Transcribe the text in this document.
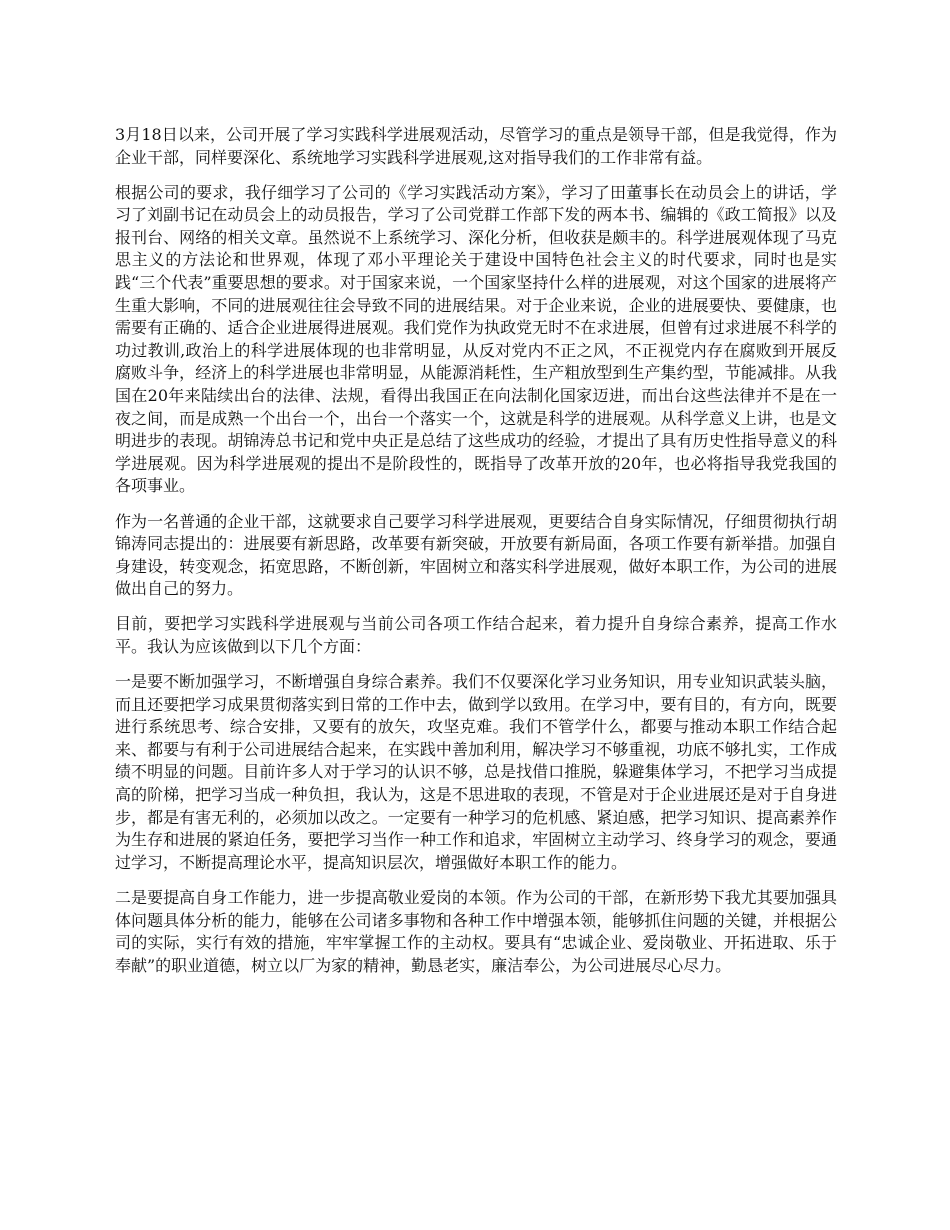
3月18日以来，公司开展了学习实践科学进展观活动，尽管学习的重点是领导干部，但是我觉得，作为企业干部，同样要深化、系统地学习实践科学进展观,这对指导我们的工作非常有益。

根据公司的要求，我仔细学习了公司的《学习实践活动方案》，学习了田董事长在动员会上的讲话，学习了刘副书记在动员会上的动员报告，学习了公司党群工作部下发的两本书、编辑的《政工简报》以及报刊台、网络的相关文章。虽然说不上系统学习、深化分析，但收获是颇丰的。科学进展观体现了马克思主义的方法论和世界观，体现了邓小平理论关于建设中国特色社会主义的时代要求，同时也是实践“三个代表”重要思想的要求。对于国家来说，一个国家坚持什么样的进展观，对这个国家的进展将产生重大影响，不同的进展观往往会导致不同的进展结果。对于企业来说，企业的进展要快、要健康，也需要有正确的、适合企业进展得进展观。我们党作为执政党无时不在求进展，但曾有过求进展不科学的功过教训,政治上的科学进展体现的也非常明显，从反对党内不正之风，不正视党内存在腐败到开展反腐败斗争，经济上的科学进展也非常明显，从能源消耗性，生产粗放型到生产集约型，节能减排。从我国在20年来陆续出台的法律、法规，看得出我国正在向法制化国家迈进，而出台这些法律并不是在一夜之间，而是成熟一个出台一个，出台一个落实一个，这就是科学的进展观。从科学意义上讲，也是文明进步的表现。胡锦涛总书记和党中央正是总结了这些成功的经验，才提出了具有历史性指导意义的科学进展观。因为科学进展观的提出不是阶段性的，既指导了改革开放的20年，也必将指导我党我国的各项事业。

作为一名普通的企业干部，这就要求自己要学习科学进展观，更要结合自身实际情况，仔细贯彻执行胡锦涛同志提出的：进展要有新思路，改革要有新突破，开放要有新局面，各项工作要有新举措。加强自身建设，转变观念，拓宽思路，不断创新，牢固树立和落实科学进展观，做好本职工作，为公司的进展做出自己的努力。

目前，要把学习实践科学进展观与当前公司各项工作结合起来，着力提升自身综合素养，提高工作水平。我认为应该做到以下几个方面：

一是要不断加强学习，不断增强自身综合素养。我们不仅要深化学习业务知识，用专业知识武装头脑，而且还要把学习成果贯彻落实到日常的工作中去，做到学以致用。在学习中，要有目的，有方向，既要进行系统思考、综合安排，又要有的放矢，攻坚克难。我们不管学什么，都要与推动本职工作结合起来、都要与有利于公司进展结合起来，在实践中善加利用，解决学习不够重视，功底不够扎实，工作成绩不明显的问题。目前许多人对于学习的认识不够，总是找借口推脱，躲避集体学习，不把学习当成提高的阶梯，把学习当成一种负担，我认为，这是不思进取的表现，不管是对于企业进展还是对于自身进步，都是有害无利的，必须加以改之。一定要有一种学习的危机感、紧迫感，把学习知识、提高素养作为生存和进展的紧迫任务，要把学习当作一种工作和追求，牢固树立主动学习、终身学习的观念，要通过学习，不断提高理论水平，提高知识层次，增强做好本职工作的能力。

二是要提高自身工作能力，进一步提高敬业爱岗的本领。作为公司的干部，在新形势下我尤其要加强具体问题具体分析的能力，能够在公司诸多事物和各种工作中增强本领，能够抓住问题的关键，并根据公司的实际，实行有效的措施，牢牢掌握工作的主动权。要具有“忠诚企业、爱岗敬业、开拓进取、乐于奉献”的职业道德，树立以厂为家的精神，勤恳老实，廉洁奉公，为公司进展尽心尽力。
